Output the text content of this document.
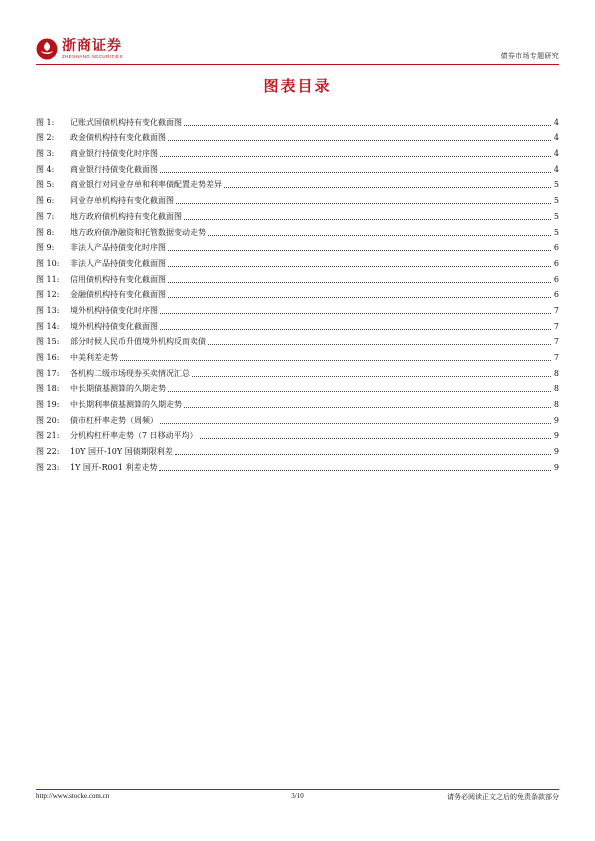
浙商证券
ZHESHANG SECURITIES	债券市场专题研究
图表目录
图 1:	记账式国债机构持有变化截面图	4
图 2:	政金债机构持有变化截面图	4
图 3:	商业银行持债变化时序图	4
图 4:	商业银行持债变化截面图	4
图 5:	商业银行对同业存单和利率债配置走势差异	5
图 6:	同业存单机构持有变化截面图	5
图 7:	地方政府债机构持有变化截面图	5
图 8:	地方政府债净融资和托管数据变动走势	5
图 9:	非法人产品持债变化时序图	6
图 10:	非法人产品持债变化截面图	6
图 11:	信用债机构持有变化截面图	6
图 12:	金融债机构持有变化截面图	6
图 13:	境外机构持债变化时序图	7
图 14:	境外机构持债变化截面图	7
图 15:	部分时候人民币升值境外机构反而卖债	7
图 16:	中美利差走势	7
图 17:	各机构二级市场现券买卖情况汇总	8
图 18:	中长期债基测算的久期走势	8
图 19:	中长期利率债基测算的久期走势	8
图 20:	债市杠杆率走势（周频）	9
图 21:	分机构杠杆率走势（7 日移动平均）	9
图 22:	10Y 国开-10Y 国债期限利差	9
图 23:	1Y 国开-R001 利差走势	9
http://www.stocke.com.cn	3/10	请务必阅读正文之后的免责条款部分
